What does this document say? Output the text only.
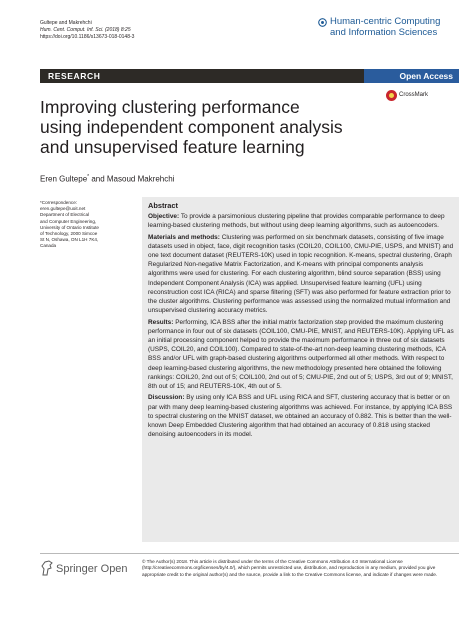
Gultepe and Makrehchi
Hum. Cent. Comput. Inf. Sci. (2018) 8:25
https://doi.org/10.1186/s13673-018-0148-3
Human-centric Computing
and Information Sciences
RESEARCH	Open Access
CrossMark
Improving clustering performance
using independent component analysis
and unsupervised feature learning
Eren Gultepe* and Masoud Makrehchi
*Correspondence:
eren.gultepe@uoit.net
Department of Electrical
and Computer Engineering,
University of Ontario Institute
of Technology, 2000 Simcoe
St N, Oshawa, ON L1H 7K4,
Canada
Abstract

Objective: To provide a parsimonious clustering pipeline that provides comparable performance to deep learning-based clustering methods, but without using deep learning algorithms, such as autoencoders.

Materials and methods: Clustering was performed on six benchmark datasets, consisting of five image datasets used in object, face, digit recognition tasks (COIL20, COIL100, CMU-PIE, USPS, and MNIST) and one text document dataset (REUTERS-10K) used in topic recognition. K-means, spectral clustering, Graph Regularized Non-negative Matrix Factorization, and K-means with principal components analysis algorithms were used for clustering. For each clustering algorithm, blind source separation (BSS) using Independent Component Analysis (ICA) was applied. Unsupervised feature learning (UFL) using reconstruction cost ICA (RICA) and sparse filtering (SFT) was also performed for feature extraction prior to the cluster algorithms. Clustering performance was assessed using the normalized mutual information and unsupervised clustering accuracy metrics.

Results: Performing, ICA BSS after the initial matrix factorization step provided the maximum clustering performance in four out of six datasets (COIL100, CMU-PIE, MNIST, and REUTERS-10K). Applying UFL as an initial processing component helped to provide the maximum performance in three out of six datasets (USPS, COIL20, and COIL100). Compared to state-of-the-art non-deep learning clustering methods, ICA BSS and/or UFL with graph-based clustering algorithms outperformed all other methods. With respect to deep learning-based clustering algorithms, the new methodology presented here obtained the following rankings: COIL20, 2nd out of 5; COIL100, 2nd out of 5; CMU-PIE, 2nd out of 5; USPS, 3rd out of 9; MNIST, 8th out of 15; and REUTERS-10K, 4th out of 5.

Discussion: By using only ICA BSS and UFL using RICA and SFT, clustering accuracy that is better or on par with many deep learning-based clustering algorithms was achieved. For instance, by applying ICA BSS to spectral clustering on the MNIST dataset, we obtained an accuracy of 0.882. This is better than the well-known Deep Embedded Clustering algorithm that had obtained an accuracy of 0.818 using stacked denoising autoencoders in its model.

Springer Open
© The Author(s) 2018. This article is distributed under the terms of the Creative Commons Attribution 4.0 International License (http://creativecommons.org/licenses/by/4.0/), which permits unrestricted use, distribution, and reproduction in any medium, provided you give appropriate credit to the original author(s) and the source, provide a link to the Creative Commons license, and indicate if changes were made.
